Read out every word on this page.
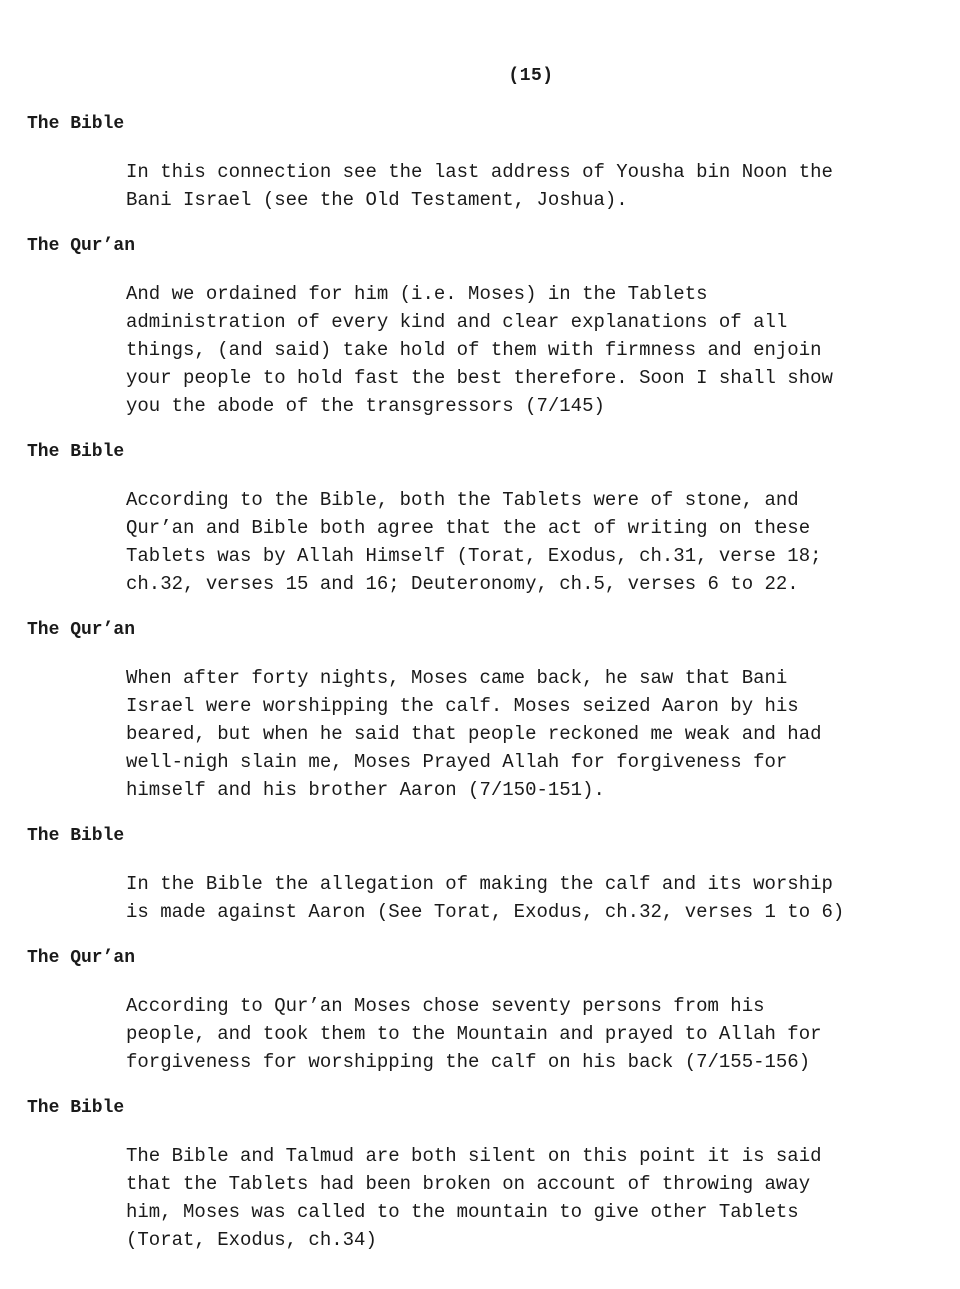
(15)
The Bible
In this connection see the last address of Yousha bin Noon the
Bani Israel (see the Old Testament, Joshua).
The Qur’an
And we ordained for him (i.e. Moses) in the Tablets
administration of every kind and clear explanations of all
things, (and said) take hold of them with firmness and enjoin
your people to hold fast the best therefore. Soon I shall show
you the abode of the transgressors (7/145)
The Bible
According to the Bible, both the Tablets were of stone, and
Qur’an and Bible both agree that the act of writing on these
Tablets was by Allah Himself (Torat, Exodus, ch.31, verse 18;
ch.32, verses 15 and 16; Deuteronomy, ch.5, verses 6 to 22.
The Qur’an
When after forty nights, Moses came back, he saw that Bani
Israel were worshipping the calf. Moses seized Aaron by his
beared, but when he said that people reckoned me weak and had
well-nigh slain me, Moses Prayed Allah for forgiveness for
himself and his brother Aaron (7/150-151).
The Bible
In the Bible the allegation of making the calf and its worship
is made against Aaron (See Torat, Exodus, ch.32, verses 1 to 6)
The Qur’an
According to Qur’an Moses chose seventy persons from his
people, and took them to the Mountain and prayed to Allah for
forgiveness for worshipping the calf on his back (7/155-156)
The Bible
The Bible and Talmud are both silent on this point it is said
that the Tablets had been broken on account of throwing away
him, Moses was called to the mountain to give other Tablets
(Torat, Exodus, ch.34)
